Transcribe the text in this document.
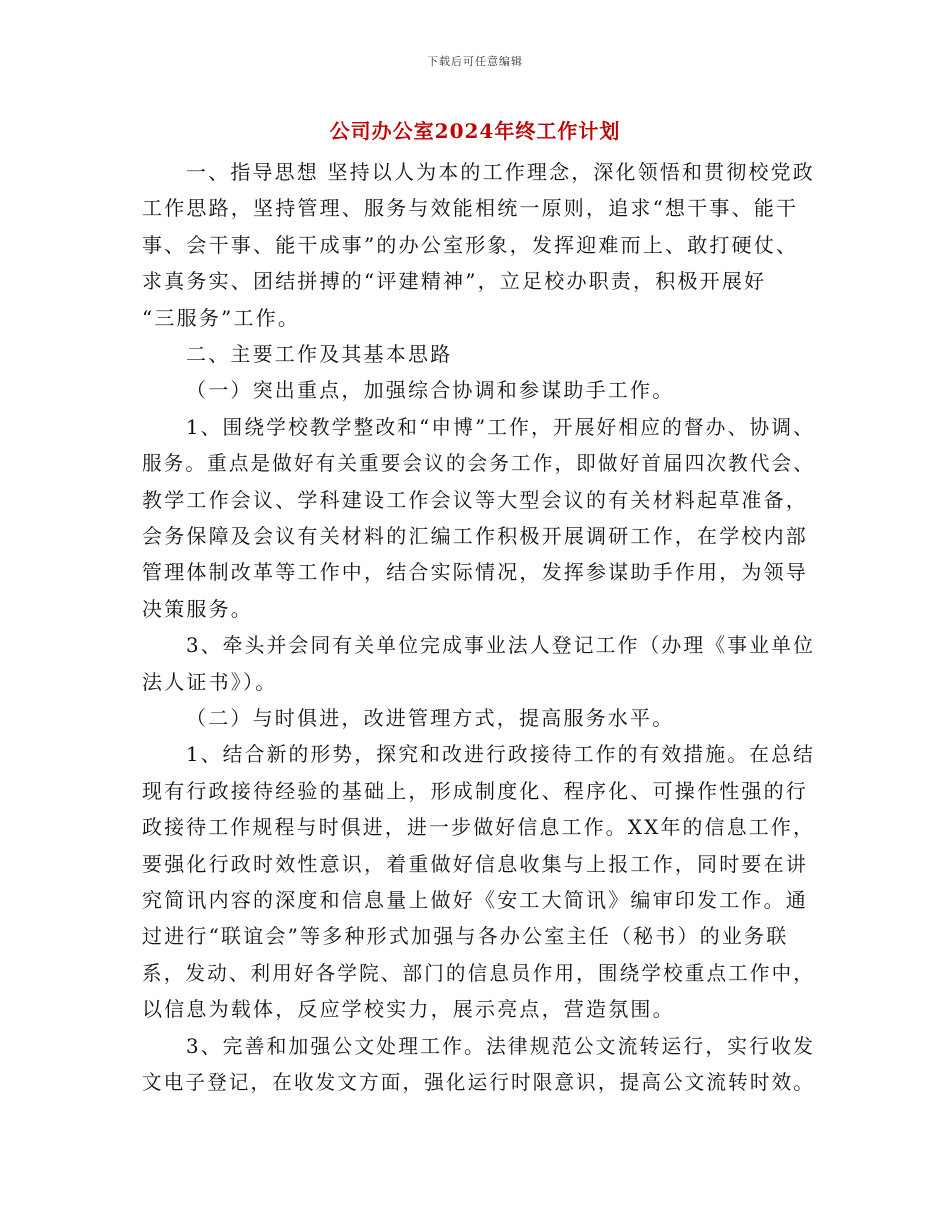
下载后可任意编辑
公司办公室2024年终工作计划
一、指导思想 坚持以人为本的工作理念，深化领悟和贯彻校党政
工作思路，坚持管理、服务与效能相统一原则，追求“想干事、能干
事、会干事、能干成事”的办公室形象，发挥迎难而上、敢打硬仗、
求真务实、团结拼搏的“评建精神”，立足校办职责，积极开展好
“三服务”工作。
二、主要工作及其基本思路
（一）突出重点，加强综合协调和参谋助手工作。
1、围绕学校教学整改和“申博”工作，开展好相应的督办、协调、
服务。重点是做好有关重要会议的会务工作，即做好首届四次教代会、
教学工作会议、学科建设工作会议等大型会议的有关材料起草准备，
会务保障及会议有关材料的汇编工作积极开展调研工作，在学校内部
管理体制改革等工作中，结合实际情况，发挥参谋助手作用，为领导
决策服务。
3、牵头并会同有关单位完成事业法人登记工作（办理《事业单位
法人证书》）。
（二）与时俱进，改进管理方式，提高服务水平。
1、结合新的形势，探究和改进行政接待工作的有效措施。在总结
现有行政接待经验的基础上，形成制度化、程序化、可操作性强的行
政接待工作规程与时俱进，进一步做好信息工作。XX年的信息工作，
要强化行政时效性意识，着重做好信息收集与上报工作，同时要在讲
究简讯内容的深度和信息量上做好《安工大简讯》编审印发工作。通
过进行“联谊会”等多种形式加强与各办公室主任（秘书）的业务联
系，发动、利用好各学院、部门的信息员作用，围绕学校重点工作中，
以信息为载体，反应学校实力，展示亮点，营造氛围。
3、完善和加强公文处理工作。法律规范公文流转运行，实行收发
文电子登记，在收发文方面，强化运行时限意识，提高公文流转时效。
